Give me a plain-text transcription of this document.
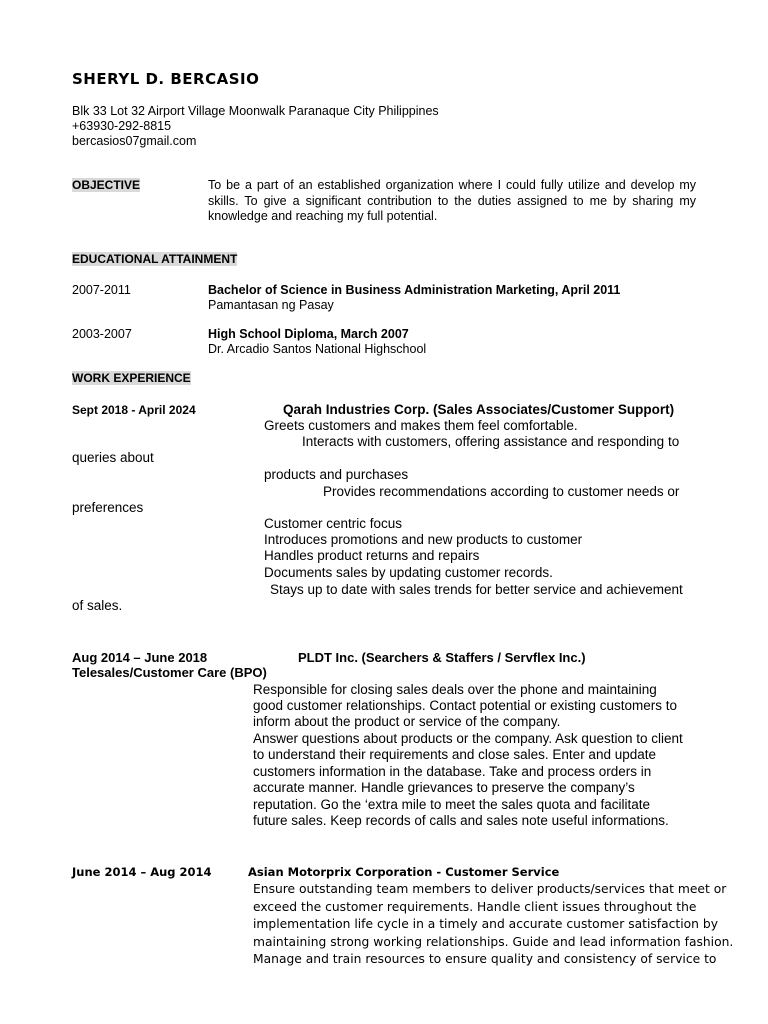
SHERYL D. BERCASIO
Blk 33 Lot 32 Airport Village Moonwalk Paranaque City Philippines
+63930-292-8815
bercasios07gmail.com
OBJECTIVE	To be a part of an established organization where I could fully utilize and develop my skills. To give a significant contribution to the duties assigned to me by sharing my knowledge and reaching my full potential.
EDUCATIONAL ATTAINMENT
2007-2011	Bachelor of Science in Business Administration Marketing, April 2011
Pamantasan ng Pasay
2003-2007	High School Diploma, March 2007
Dr. Arcadio Santos National Highschool
WORK EXPERIENCE
Sept 2018 - April 2024	Qarah Industries Corp. (Sales Associates/Customer Support)
Greets customers and makes them feel comfortable.
Interacts with customers, offering assistance and responding to
queries about
products and purchases
Provides recommendations according to customer needs or
preferences
Customer centric focus
Introduces promotions and new products to customer
Handles product returns and repairs
Documents sales by updating customer records.
Stays up to date with sales trends for better service and achievement
of sales.
Aug 2014 – June 2018	PLDT Inc. (Searchers & Staffers / Servflex Inc.)
Telesales/Customer Care (BPO)
Responsible for closing sales deals over the phone and maintaining
good customer relationships. Contact potential or existing customers to
inform about the product or service of the company.
Answer questions about products or the company. Ask question to client
to understand their requirements and close sales. Enter and update
customers information in the database. Take and process orders in
accurate manner. Handle grievances to preserve the company’s
reputation. Go the ‘extra mile to meet the sales quota and facilitate
future sales. Keep records of calls and sales note useful informations.
June 2014 – Aug 2014	Asian Motorprix Corporation - Customer Service
Ensure outstanding team members to deliver products/services that meet or
exceed the customer requirements. Handle client issues throughout the
implementation life cycle in a timely and accurate customer satisfaction by
maintaining strong working relationships. Guide and lead information fashion.
Manage and train resources to ensure quality and consistency of service to
